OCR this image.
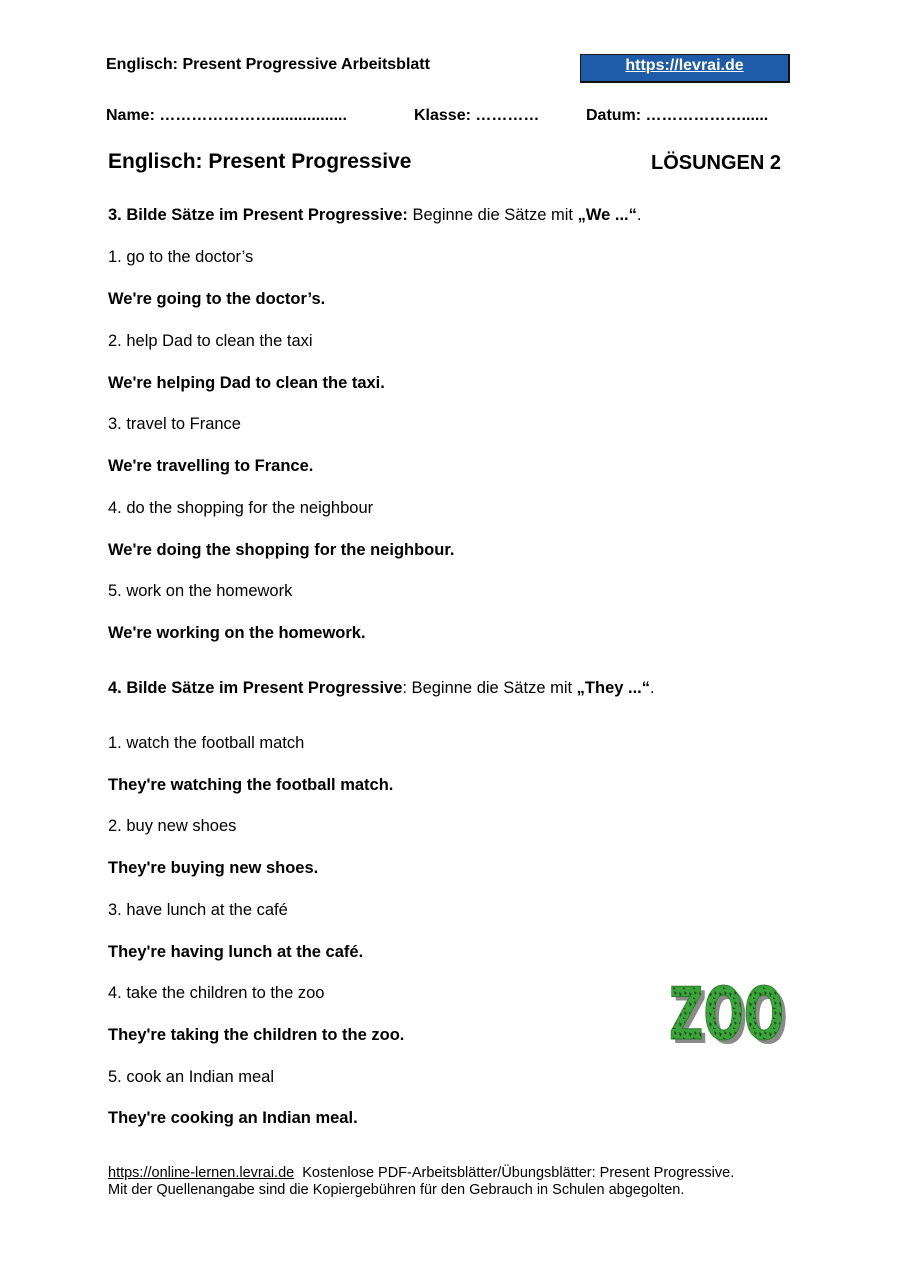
Englisch: Present Progressive Arbeitsblatt	https://levrai.de
Name: ………………….................	Klasse: …………	Datum: ………………......
Englisch: Present Progressive	LÖSUNGEN 2
3. Bilde Sätze im Present Progressive: Beginne die Sätze mit „We ...“.
1. go to the doctor’s
We're going to the doctor’s.
2. help Dad to clean the taxi
We're helping Dad to clean the taxi.
3. travel to France
We're travelling to France.
4. do the shopping for the neighbour
We're doing the shopping for the neighbour.
5. work on the homework
We're working on the homework.
4. Bilde Sätze im Present Progressive: Beginne die Sätze mit „They ...“.
1. watch the football match
They're watching the football match.
2. buy new shoes
They're buying new shoes.
3. have lunch at the café
They're having lunch at the café.
4. take the children to the zoo
They're taking the children to the zoo.
5. cook an Indian meal
They're cooking an Indian meal.
ZOO
ZOO
https://online-lernen.levrai.de  Kostenlose PDF-Arbeitsblätter/Übungsblätter: Present Progressive.
Mit der Quellenangabe sind die Kopiergebühren für den Gebrauch in Schulen abgegolten.
